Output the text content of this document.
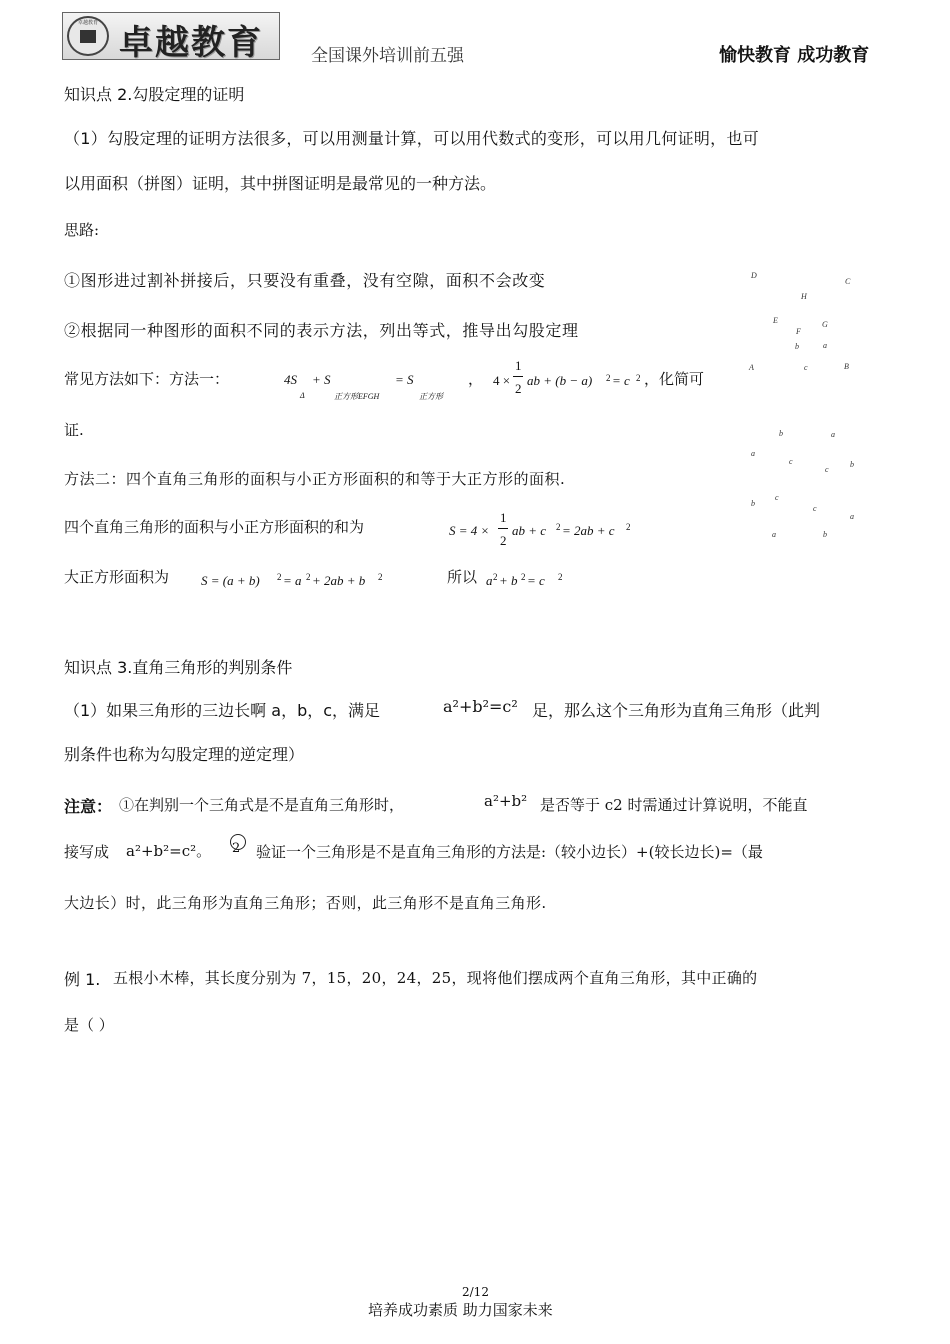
卓越教育 卓越教育	全国课外培训前五强	愉快教育 成功教育
知识点 2.勾股定理的证明
（1）勾股定理的证明方法很多，可以用测量计算，可以用代数式的变形，可以用几何证明，也可
以用面积（拼图）证明，其中拼图证明是最常见的一种方法。
思路:
①图形进过割补拼接后，只要没有重叠，没有空隙，面积不会改变
②根据同一种图形的面积不同的表示方法，列出等式，推导出勾股定理
常见方法如下：方法一：	4S
Δ
+ S
正方形EFGH
= S
正方形
， 4 ×
1
2
ab + (b − a) 2 = c 2 ，化简可
证.
方法二：四个直角三角形的面积与小正方形面积的和等于大正方形的面积.
四个直角三角形的面积与小正方形面积的和为	S = 4 ×
1
2
ab + c 2 = 2ab + c 2
大正方形面积为 S = (a + b) 2 = a 2 + 2ab + b 2	所以 a 2 + b 2 = c 2
D
C
H
E	G
F
b	a
A	c	B
b	a
a
c
c
b
b
c
c
a
a	b
知识点 3.直角三角形的判别条件
（1）如果三角形的三边长啊 a，b，c，满足	a²+b²=c² 足，那么这个三角形为直角三角形（此判
别条件也称为勾股定理的逆定理）
注意： ①在判别一个三角式是不是直角三角形时，	a²+b² 是否等于 c2 时需通过计算说明，不能直
接写成 a²+b²=c²。 2 验证一个三角形是不是直角三角形的方法是:（较小边长）+(较长边长)=（最
大边长）时，此三角形为直角三角形；否则，此三角形不是直角三角形.
例 1. 五根小木棒，其长度分别为 7，15，20，24，25，现将他们摆成两个直角三角形，其中正确的
是（ ）
2/12
培养成功素质 助力国家未来
